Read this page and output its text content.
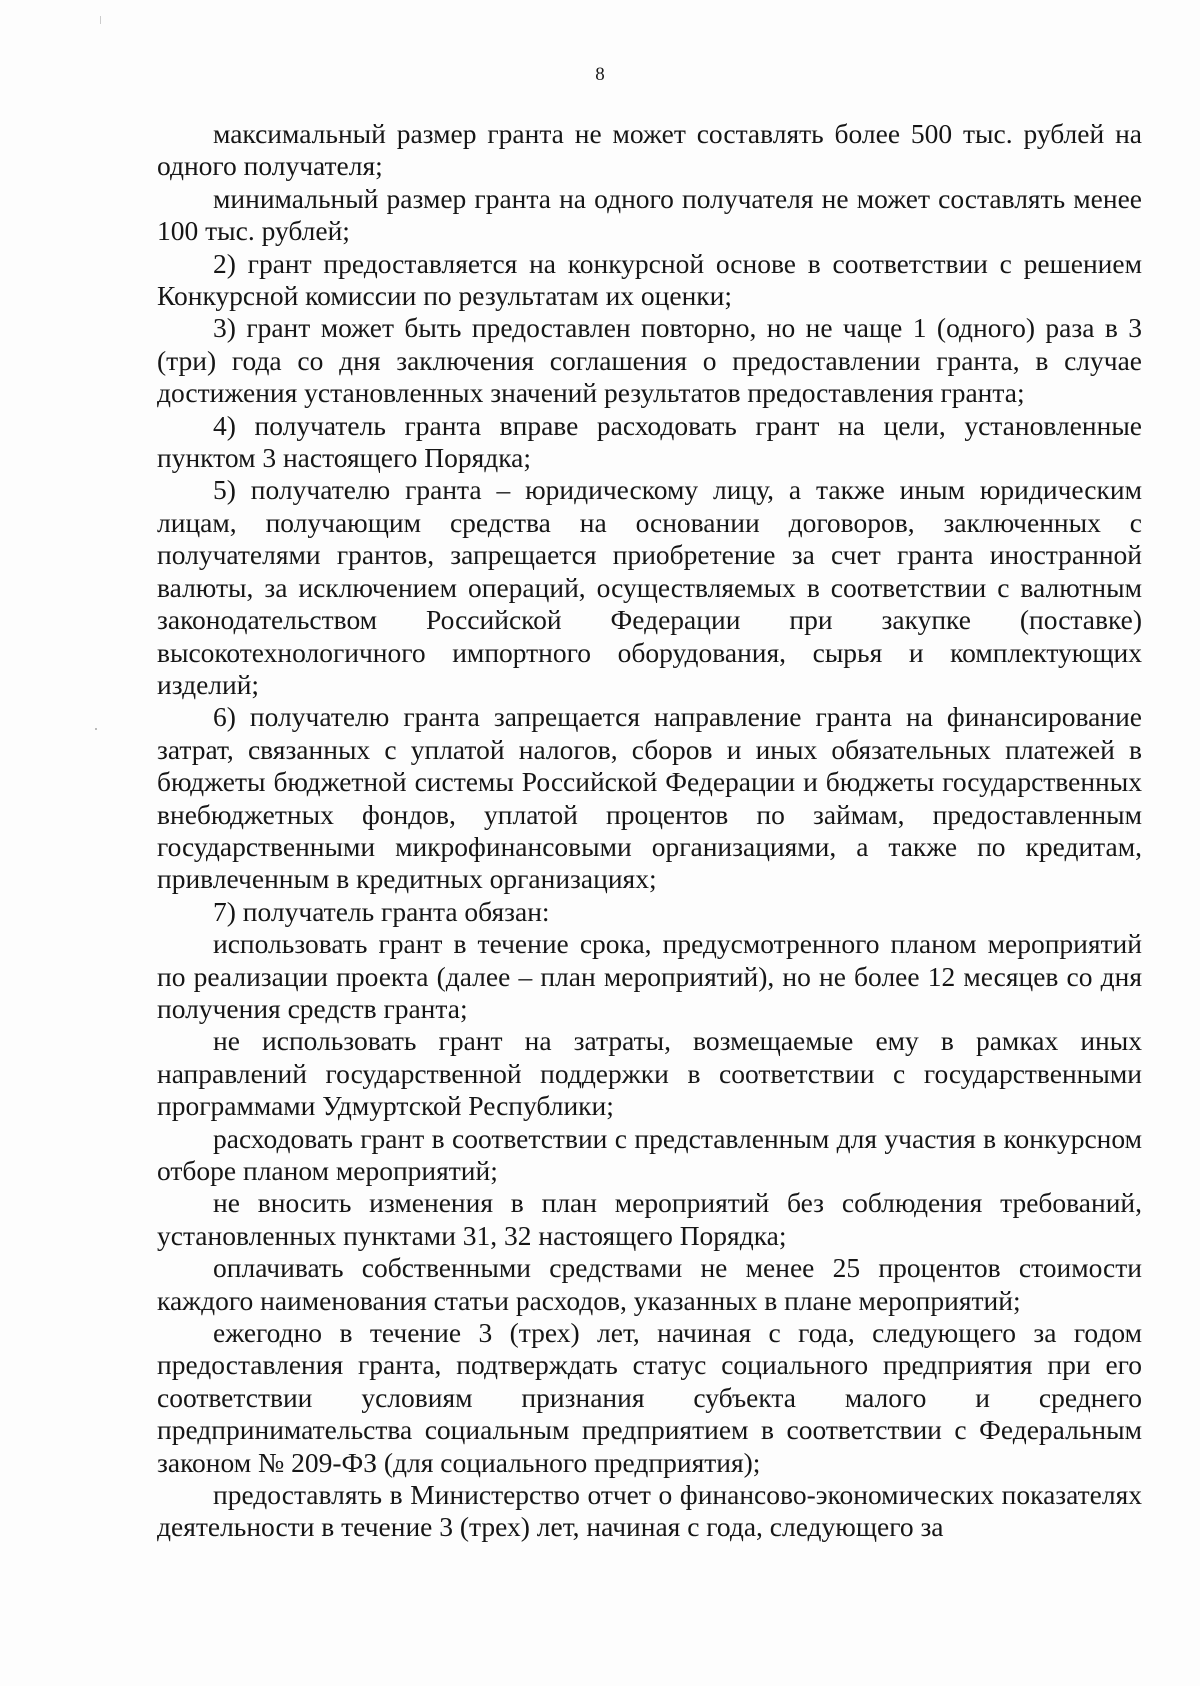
8

максимальный размер гранта не может составлять более 500 тыс. рублей на одного получателя;

минимальный размер гранта на одного получателя не может составлять менее 100 тыс. рублей;

2) грант предоставляется на конкурсной основе в соответствии с решением Конкурсной комиссии по результатам их оценки;

3) грант может быть предоставлен повторно, но не чаще 1 (одного) раза в 3 (три) года со дня заключения соглашения о предоставлении гранта, в случае достижения установленных значений результатов предоставления гранта;

4) получатель гранта вправе расходовать грант на цели, установленные пунктом 3 настоящего Порядка;

5) получателю гранта – юридическому лицу, а также иным юридическим лицам, получающим средства на основании договоров, заключенных с получателями грантов, запрещается приобретение за счет гранта иностранной валюты, за исключением операций, осуществляемых в соответствии с валютным законодательством Российской Федерации при закупке (поставке) высокотехнологичного импортного оборудования, сырья и комплектующих изделий;

6) получателю гранта запрещается направление гранта на финансирование затрат, связанных с уплатой налогов, сборов и иных обязательных платежей в бюджеты бюджетной системы Российской Федерации и бюджеты государственных внебюджетных фондов, уплатой процентов по займам, предоставленным государственными микрофинансовыми организациями, а также по кредитам, привлеченным в кредитных организациях;

7) получатель гранта обязан:

использовать грант в течение срока, предусмотренного планом мероприятий по реализации проекта (далее – план мероприятий), но не более 12 месяцев со дня получения средств гранта;

не использовать грант на затраты, возмещаемые ему в рамках иных направлений государственной поддержки в соответствии с государственными программами Удмуртской Республики;

расходовать грант в соответствии с представленным для участия в конкурсном отборе планом мероприятий;

не вносить изменения в план мероприятий без соблюдения требований, установленных пунктами 31, 32 настоящего Порядка;

оплачивать собственными средствами не менее 25 процентов стоимости каждого наименования статьи расходов, указанных в плане мероприятий;

ежегодно в течение 3 (трех) лет, начиная с года, следующего за годом предоставления гранта, подтверждать статус социального предприятия при его соответствии условиям признания субъекта малого и среднего предпринимательства социальным предприятием в соответствии с Федеральным законом № 209-ФЗ (для социального предприятия);

предоставлять в Министерство отчет о финансово-экономических показателях деятельности в течение 3 (трех) лет, начиная с года, следующего за
